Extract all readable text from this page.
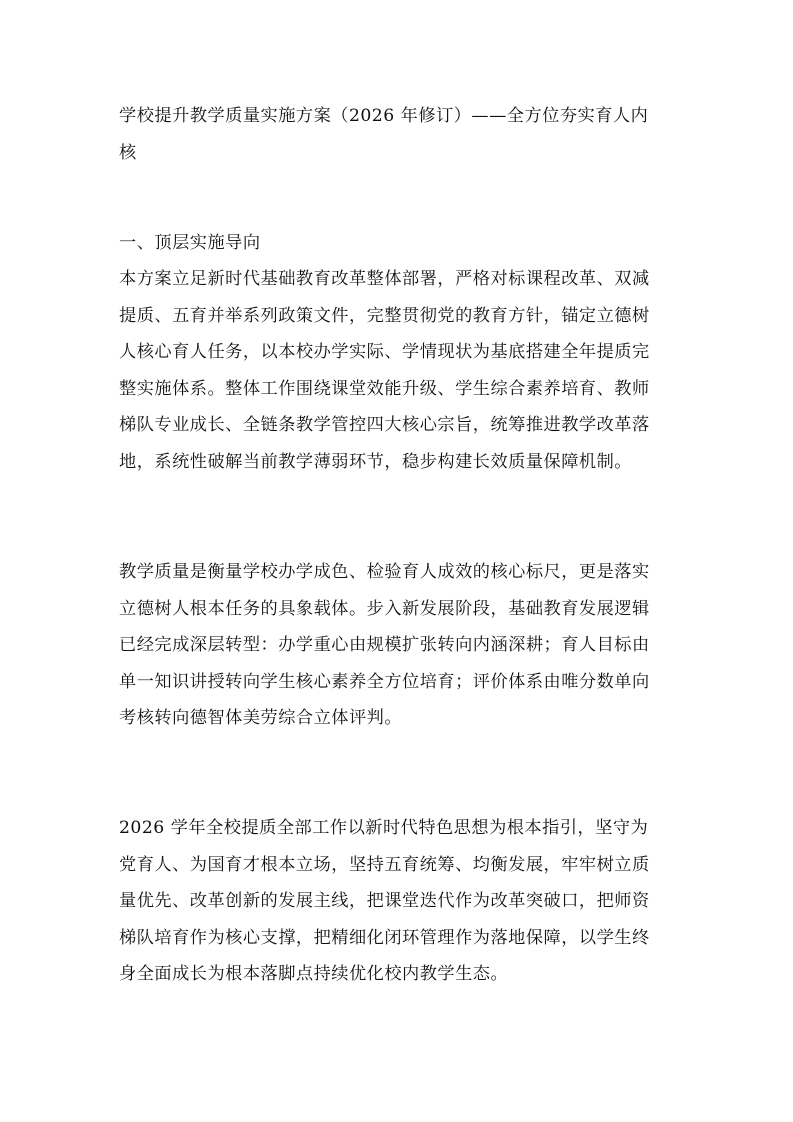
学校提升教学质量实施方案（2026 年修订）——全方位夯实育人内
核
一、顶层实施导向
本方案立足新时代基础教育改革整体部署，严格对标课程改革、双减
提质、五育并举系列政策文件，完整贯彻党的教育方针，锚定立德树
人核心育人任务，以本校办学实际、学情现状为基底搭建全年提质完
整实施体系。整体工作围绕课堂效能升级、学生综合素养培育、教师
梯队专业成长、全链条教学管控四大核心宗旨，统筹推进教学改革落
地，系统性破解当前教学薄弱环节，稳步构建长效质量保障机制。
教学质量是衡量学校办学成色、检验育人成效的核心标尺，更是落实
立德树人根本任务的具象载体。步入新发展阶段，基础教育发展逻辑
已经完成深层转型：办学重心由规模扩张转向内涵深耕；育人目标由
单一知识讲授转向学生核心素养全方位培育；评价体系由唯分数单向
考核转向德智体美劳综合立体评判。
2026 学年全校提质全部工作以新时代特色思想为根本指引，坚守为
党育人、为国育才根本立场，坚持五育统筹、均衡发展，牢牢树立质
量优先、改革创新的发展主线，把课堂迭代作为改革突破口，把师资
梯队培育作为核心支撑，把精细化闭环管理作为落地保障，以学生终
身全面成长为根本落脚点持续优化校内教学生态。
